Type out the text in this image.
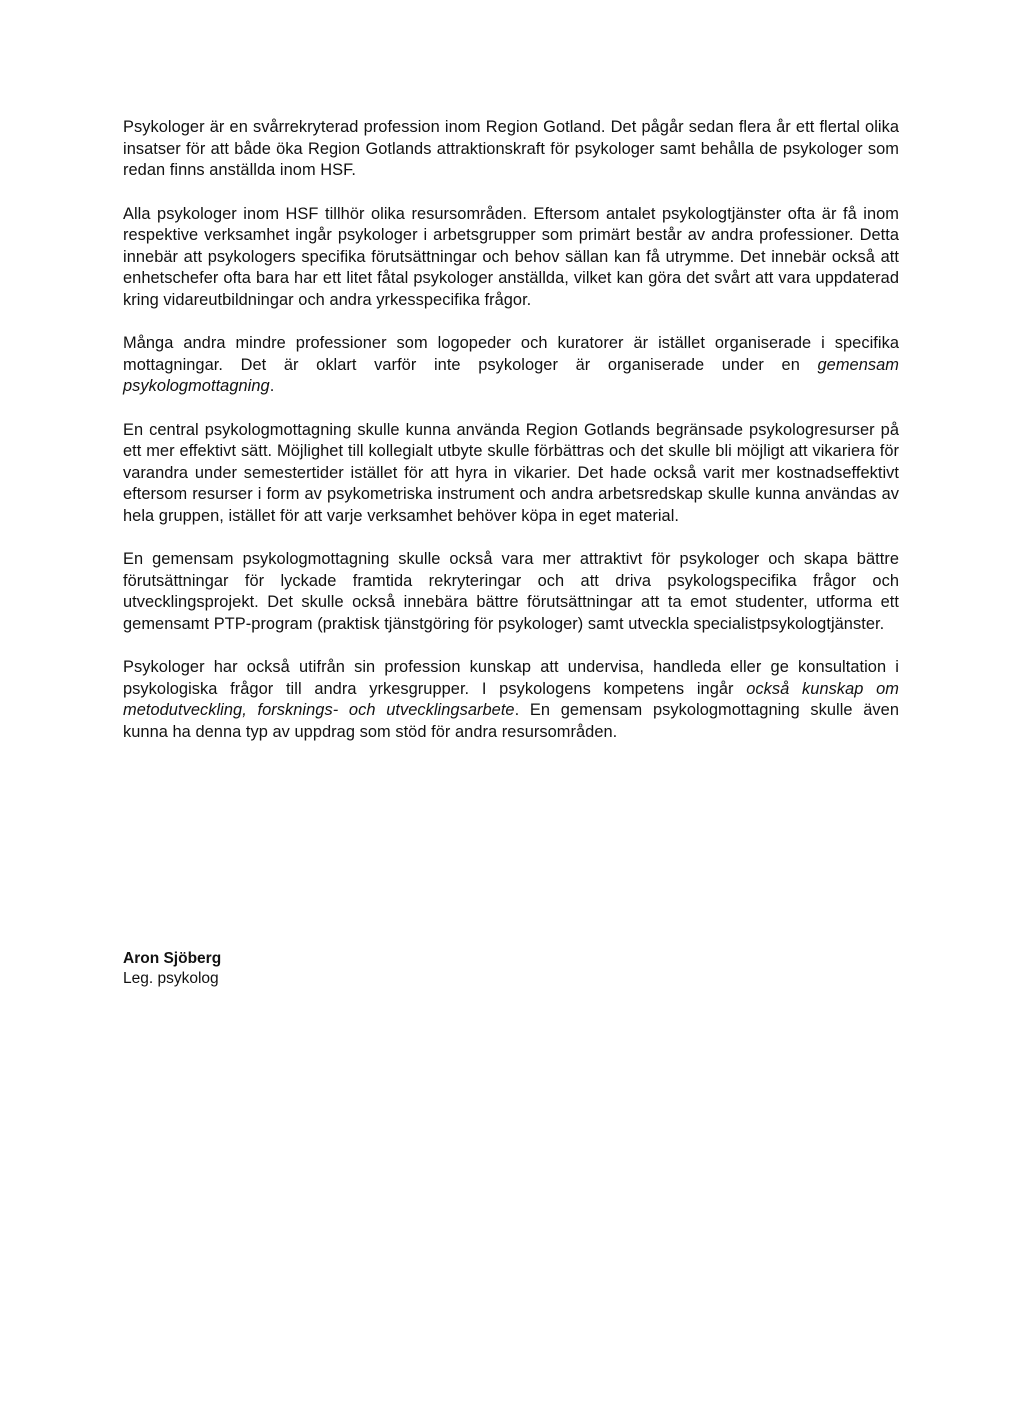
Psykologer är en svårrekryterad profession inom Region Gotland. Det pågår sedan flera år ett flertal olika insatser för att både öka Region Gotlands attraktionskraft för psykologer samt behålla de psykologer som redan finns anställda inom HSF.

Alla psykologer inom HSF tillhör olika resursområden. Eftersom antalet psykologtjänster ofta är få inom respektive verksamhet ingår psykologer i arbetsgrupper som primärt består av andra professioner. Detta innebär att psykologers specifika förutsättningar och behov sällan kan få utrymme. Det innebär också att enhetschefer ofta bara har ett litet fåtal psykologer anställda, vilket kan göra det svårt att vara uppdaterad kring vidareutbildningar och andra yrkesspecifika frågor.

Många andra mindre professioner som logopeder och kuratorer är istället organiserade i specifika mottagningar. Det är oklart varför inte psykologer är organiserade under en gemensam psykologmottagning.

En central psykologmottagning skulle kunna använda Region Gotlands begränsade psykologresurser på ett mer effektivt sätt. Möjlighet till kollegialt utbyte skulle förbättras och det skulle bli möjligt att vikariera för varandra under semestertider istället för att hyra in vikarier. Det hade också varit mer kostnadseffektivt eftersom resurser i form av psykometriska instrument och andra arbetsredskap skulle kunna användas av hela gruppen, istället för att varje verksamhet behöver köpa in eget material.

En gemensam psykologmottagning skulle också vara mer attraktivt för psykologer och skapa bättre förutsättningar för lyckade framtida rekryteringar och att driva psykologspecifika frågor och utvecklingsprojekt. Det skulle också innebära bättre förutsättningar att ta emot studenter, utforma ett gemensamt PTP-program (praktisk tjänstgöring för psykologer) samt utveckla specialistpsykologtjänster.

Psykologer har också utifrån sin profession kunskap att undervisa, handleda eller ge konsultation i psykologiska frågor till andra yrkesgrupper. I psykologens kompetens ingår också kunskap om metodutveckling, forsknings- och utvecklingsarbete. En gemensam psykologmottagning skulle även kunna ha denna typ av uppdrag som stöd för andra resursområden.

Aron Sjöberg
Leg. psykolog
